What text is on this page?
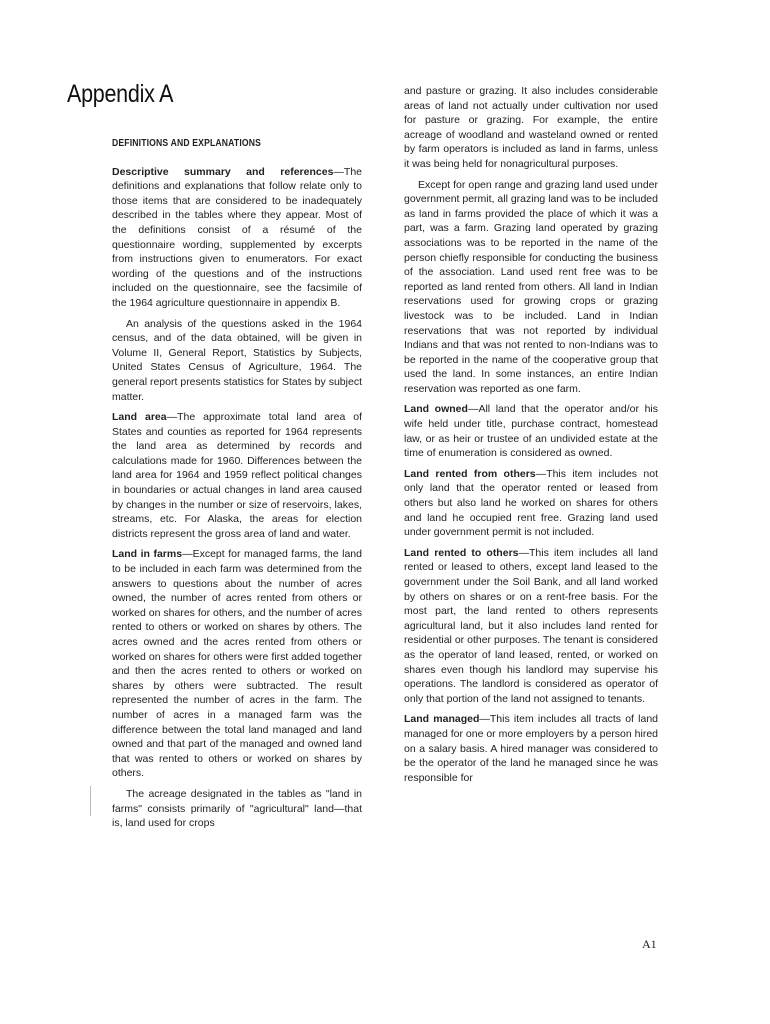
Appendix A
DEFINITIONS AND EXPLANATIONS

Descriptive summary and references—The definitions and explanations that follow relate only to those items that are considered to be inadequately described in the tables where they appear. Most of the definitions consist of a résumé of the questionnaire wording, supplemented by excerpts from instructions given to enumerators. For exact wording of the questions and of the instructions included on the questionnaire, see the facsimile of the 1964 agriculture questionnaire in appendix B.

An analysis of the questions asked in the 1964 census, and of the data obtained, will be given in Volume II, General Report, Statistics by Subjects, United States Census of Agriculture, 1964. The general report presents statistics for States by subject matter.

Land area—The approximate total land area of States and counties as reported for 1964 represents the land area as determined by records and calculations made for 1960. Differences between the land area for 1964 and 1959 reflect political changes in boundaries or actual changes in land area caused by changes in the number or size of reservoirs, lakes, streams, etc. For Alaska, the areas for election districts represent the gross area of land and water.

Land in farms—Except for managed farms, the land to be included in each farm was determined from the answers to questions about the number of acres owned, the number of acres rented from others or worked on shares for others, and the number of acres rented to others or worked on shares by others. The acres owned and the acres rented from others or worked on shares for others were first added together and then the acres rented to others or worked on shares by others were subtracted. The result represented the number of acres in the farm. The number of acres in a managed farm was the difference between the total land managed and land owned and that part of the managed and owned land that was rented to others or worked on shares by others.

The acreage designated in the tables as "land in farms" consists primarily of "agricultural" land—that is, land used for crops

and pasture or grazing. It also includes considerable areas of land not actually under cultivation nor used for pasture or grazing. For example, the entire acreage of woodland and wasteland owned or rented by farm operators is included as land in farms, unless it was being held for nonagricultural purposes.

Except for open range and grazing land used under government permit, all grazing land was to be included as land in farms provided the place of which it was a part, was a farm. Grazing land operated by grazing associations was to be reported in the name of the person chiefly responsible for conducting the business of the association. Land used rent free was to be reported as land rented from others. All land in Indian reservations used for growing crops or grazing livestock was to be included. Land in Indian reservations that was not reported by individual Indians and that was not rented to non-Indians was to be reported in the name of the cooperative group that used the land. In some instances, an entire Indian reservation was reported as one farm.

Land owned—All land that the operator and/or his wife held under title, purchase contract, homestead law, or as heir or trustee of an undivided estate at the time of enumeration is considered as owned.

Land rented from others—This item includes not only land that the operator rented or leased from others but also land he worked on shares for others and land he occupied rent free. Grazing land used under government permit is not included.

Land rented to others—This item includes all land rented or leased to others, except land leased to the government under the Soil Bank, and all land worked by others on shares or on a rent-free basis. For the most part, the land rented to others represents agricultural land, but it also includes land rented for residential or other purposes. The tenant is considered as the operator of land leased, rented, or worked on shares even though his landlord may supervise his operations. The landlord is considered as operator of only that portion of the land not assigned to tenants.

Land managed—This item includes all tracts of land managed for one or more employers by a person hired on a salary basis. A hired manager was considered to be the operator of the land he managed since he was responsible for

A1
